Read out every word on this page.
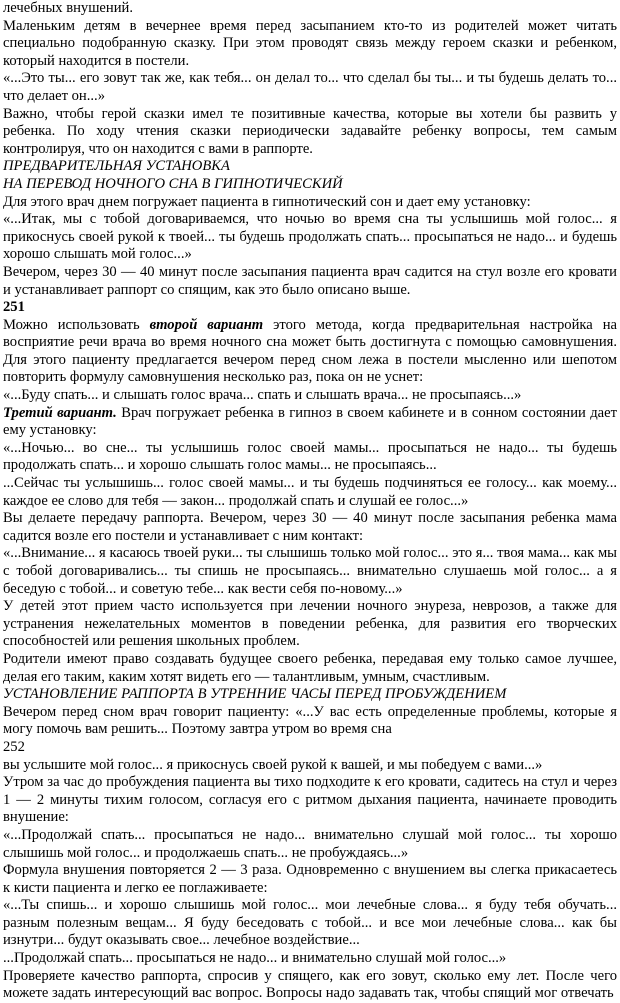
лечебных внушений.

Маленьким детям в вечернее время перед засыпанием кто-то из родителей может читать специально подобранную сказку. При этом проводят связь между героем сказки и ребенком, который находится в постели.

«...Это ты... его зовут так же, как тебя... он делал то... что сделал бы ты... и ты будешь делать то... что делает он...»

Важно, чтобы герой сказки имел те позитивные качества, которые вы хотели бы развить у ребенка. По ходу чтения сказки периодически задавайте ребенку вопросы, тем самым контролируя, что он находится с вами в раппорте.

ПРЕДВАРИТЕЛЬНАЯ УСТАНОВКА

НА ПЕРЕВОД НОЧНОГО СНА В ГИПНОТИЧЕСКИЙ

Для этого врач днем погружает пациента в гипнотический сон и дает ему установку:

«...Итак, мы с тобой договариваемся, что ночью во время сна ты услышишь мой голос... я прикоснусь своей рукой к твоей... ты будешь продолжать спать... просыпаться не надо... и будешь хорошо слышать мой голос...»

Вечером, через 30 — 40 минут после засыпания пациента врач садится на стул возле его кровати и устанавливает раппорт со спящим, как это было описано выше.

251

Можно использовать второй вариант этого метода, когда предварительная настройка на восприятие речи врача во время ночного сна может быть достигнута с помощью самовнушения. Для этого пациенту предлагается вечером перед сном лежа в постели мысленно или шепотом повторить формулу самовнушения несколько раз, пока он не уснет:

«...Буду спать... и слышать голос врача... спать и слышать врача... не просыпаясь...»

Третий вариант. Врач погружает ребенка в гипноз в своем кабинете и в сонном состоянии дает ему установку:

«...Ночью... во сне... ты услышишь голос своей мамы... просыпаться не надо... ты будешь продолжать спать... и хорошо слышать голос мамы... не просыпаясь...

...Сейчас ты услышишь... голос своей мамы... и ты будешь подчиняться ее голосу... как моему... каждое ее слово для тебя — закон... продолжай спать и слушай ее голос...»

Вы делаете передачу раппорта. Вечером, через 30 — 40 минут после засыпания ребенка мама садится возле его постели и устанавливает с ним контакт:

«...Внимание... я касаюсь твоей руки... ты слышишь только мой голос... это я... твоя мама... как мы с тобой договаривались... ты спишь не просыпаясь... внимательно слушаешь мой голос... а я беседую с тобой... и советую тебе... как вести себя по-новому...»

У детей этот прием часто используется при лечении ночного энуреза, неврозов, а также для устранения нежелательных моментов в поведении ребенка, для развития его творческих способностей или решения школьных проблем.

Родители имеют право создавать будущее своего ребенка, передавая ему только самое лучшее, делая его таким, каким хотят видеть его — талантливым, умным, счастливым.

УСТАНОВЛЕНИЕ РАППОРТА В УТРЕННИЕ ЧАСЫ ПЕРЕД ПРОБУЖДЕНИЕМ

Вечером перед сном врач говорит пациенту: «...У вас есть определенные проблемы, которые я могу помочь вам решить... Поэтому завтра утром во время сна

252

вы услышите мой голос... я прикоснусь своей рукой к вашей, и мы победуем с вами...»

Утром за час до пробуждения пациента вы тихо подходите к его кровати, садитесь на стул и через 1 — 2 минуты тихим голосом, согласуя его с ритмом дыхания пациента, начинаете проводить внушение:

«...Продолжай спать... просыпаться не надо... внимательно слушай мой голос... ты хорошо слышишь мой голос... и продолжаешь спать... не пробуждаясь...»

Формула внушения повторяется 2 — 3 раза. Одновременно с внушением вы слегка прикасаетесь к кисти пациента и легко ее поглаживаете:

«...Ты спишь... и хорошо слышишь мой голос... мои лечебные слова... я буду тебя обучать... разным полезным вещам... Я буду беседовать с тобой... и все мои лечебные слова... как бы изнутри... будут оказывать свое... лечебное воздействие...

...Продолжай спать... просыпаться не надо... и внимательно слушай мой голос...»

Проверяете качество раппорта, спросив у спящего, как его зовут, сколько ему лет. После чего можете задать интересующий вас вопрос. Вопросы надо задавать так, чтобы спящий мог отвечать
